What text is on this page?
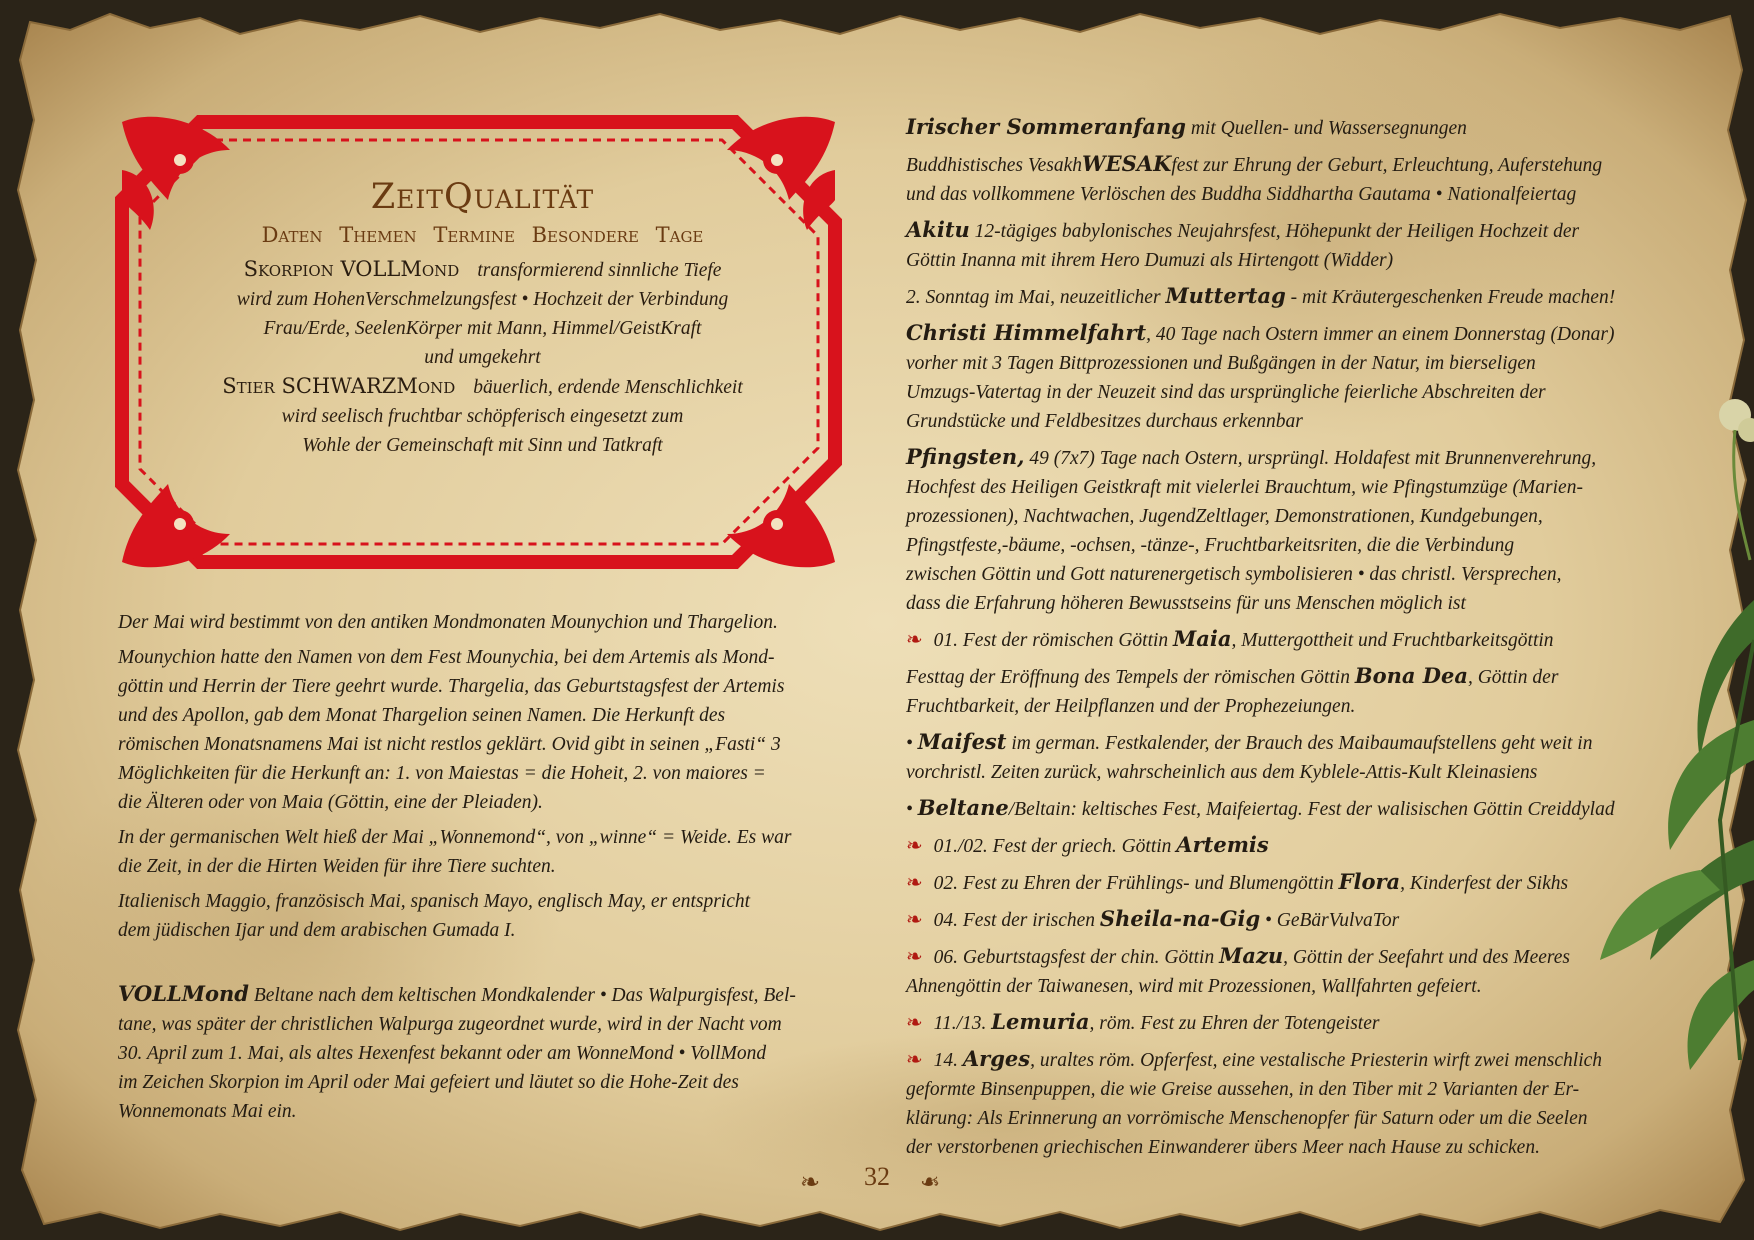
ZeitQualität
Daten Themen Termine Besondere Tage
Skorpion VOLLMond transformierend sinnliche Tiefe
wird zum HohenVerschmelzungsfest • Hochzeit der Verbindung
Frau/Erde, SeelenKörper mit Mann, Himmel/GeistKraft
und umgekehrt
Stier SCHWARZMond bäuerlich, erdende Menschlichkeit
wird seelisch fruchtbar schöpferisch eingesetzt zum
Wohle der Gemeinschaft mit Sinn und Tatkraft

Der Mai wird bestimmt von den antiken Mondmonaten Mounychion und Thargelion.

Mounychion hatte den Namen von dem Fest Mounychia, bei dem Artemis als Mond-
göttin und Herrin der Tiere geehrt wurde. Thargelia, das Geburtstagsfest der Artemis
und des Apollon, gab dem Monat Thargelion seinen Namen. Die Herkunft des
römischen Monatsnamens Mai ist nicht restlos geklärt. Ovid gibt in seinen „Fasti“ 3
Möglichkeiten für die Herkunft an: 1. von Maiestas = die Hoheit, 2. von maiores =
die Älteren oder von Maia (Göttin, eine der Pleiaden).

In der germanischen Welt hieß der Mai „Wonnemond“, von „winne“ = Weide. Es war
die Zeit, in der die Hirten Weiden für ihre Tiere suchten.

Italienisch Maggio, französisch Mai, spanisch Mayo, englisch May, er entspricht
dem jüdischen Ijar und dem arabischen Gumada I.

VOLLMond Beltane nach dem keltischen Mondkalender • Das Walpurgisfest, Bel-
tane, was später der christlichen Walpurga zugeordnet wurde, wird in der Nacht vom
30. April zum 1. Mai, als altes Hexenfest bekannt oder am WonneMond • VollMond
im Zeichen Skorpion im April oder Mai gefeiert und läutet so die Hohe-Zeit des
Wonnemonats Mai ein.

Irischer Sommeranfang mit Quellen- und Wassersegnungen

Buddhistisches VesakhWESAKfest zur Ehrung der Geburt, Erleuchtung, Auferstehung
und das vollkommene Verlöschen des Buddha Siddhartha Gautama • Nationalfeiertag

Akitu 12-tägiges babylonisches Neujahrsfest, Höhepunkt der Heiligen Hochzeit der
Göttin Inanna mit ihrem Hero Dumuzi als Hirtengott (Widder)

2. Sonntag im Mai, neuzeitlicher Muttertag - mit Kräutergeschenken Freude machen!

Christi Himmelfahrt, 40 Tage nach Ostern immer an einem Donnerstag (Donar)
vorher mit 3 Tagen Bittprozessionen und Bußgängen in der Natur, im bierseligen
Umzugs-Vatertag in der Neuzeit sind das ursprüngliche feierliche Abschreiten der
Grundstücke und Feldbesitzes durchaus erkennbar

Pfingsten, 49 (7x7) Tage nach Ostern, ursprüngl. Holdafest mit Brunnenverehrung,
Hochfest des Heiligen Geistkraft mit vielerlei Brauchtum, wie Pfingstumzüge (Marien-
prozessionen), Nachtwachen, JugendZeltlager, Demonstrationen, Kundgebungen,
Pfingstfeste,-bäume, -ochsen, -tänze-, Fruchtbarkeitsriten, die die Verbindung
zwischen Göttin und Gott naturenergetisch symbolisieren • das christl. Versprechen,
dass die Erfahrung höheren Bewusstseins für uns Menschen möglich ist

❧ 01. Fest der römischen Göttin Maia, Muttergottheit und Fruchtbarkeitsgöttin

Festtag der Eröffnung des Tempels der römischen Göttin Bona Dea, Göttin der
Fruchtbarkeit, der Heilpflanzen und der Prophezeiungen.

• Maifest im german. Festkalender, der Brauch des Maibaumaufstellens geht weit in
vorchristl. Zeiten zurück, wahrscheinlich aus dem Kyblele-Attis-Kult Kleinasiens

• Beltane/Beltain: keltisches Fest, Maifeiertag. Fest der walisischen Göttin Creiddylad

❧ 01./02. Fest der griech. Göttin Artemis

❧ 02. Fest zu Ehren der Frühlings- und Blumengöttin Flora, Kinderfest der Sikhs

❧ 04. Fest der irischen Sheila-na-Gig • GeBärVulvaTor

❧ 06. Geburtstagsfest der chin. Göttin Mazu, Göttin der Seefahrt und des Meeres
Ahnengöttin der Taiwanesen, wird mit Prozessionen, Wallfahrten gefeiert.

❧ 11./13. Lemuria, röm. Fest zu Ehren der Totengeister

❧ 14. Arges, uraltes röm. Opferfest, eine vestalische Priesterin wirft zwei menschlich
geformte Binsenpuppen, die wie Greise aussehen, in den Tiber mit 2 Varianten der Er-
klärung: Als Erinnerung an vorrömische Menschenopfer für Saturn oder um die Seelen
der verstorbenen griechischen Einwanderer übers Meer nach Hause zu schicken.

❧	32	❧
